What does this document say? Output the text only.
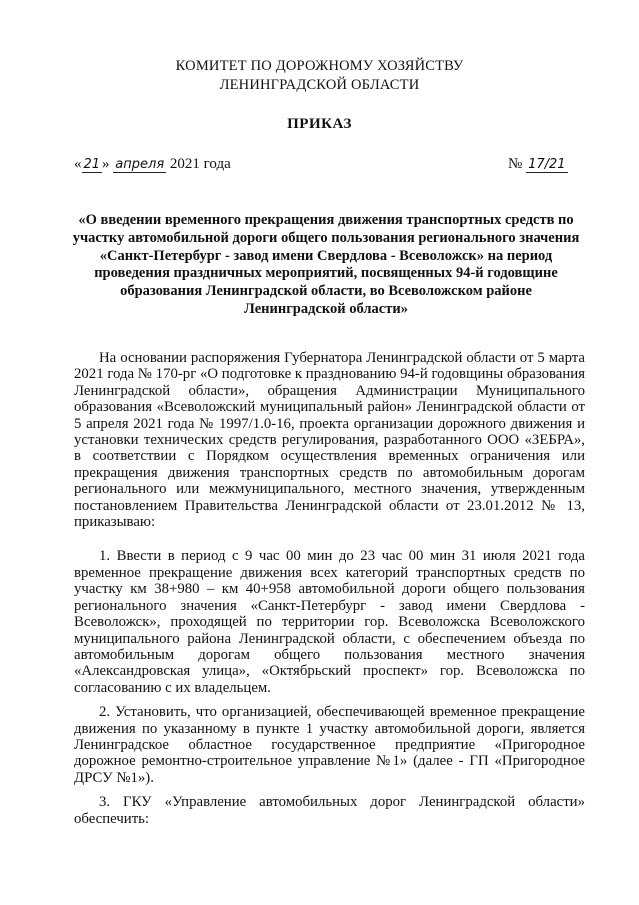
КОМИТЕТ ПО ДОРОЖНОМУ ХОЗЯЙСТВУ
ЛЕНИНГРАДСКОЙ ОБЛАСТИ
ПРИКАЗ
« 21 » апреля 2021 года	№ 17/21
«О введении временного прекращения движения транспортных средств по участку автомобильной дороги общего пользования регионального значения «Санкт-Петербург - завод имени Свердлова - Всеволожск» на период проведения праздничных мероприятий, посвященных 94-й годовщине образования Ленинградской области, во Всеволожском районе Ленинградской области»

На основании распоряжения Губернатора Ленинградской области от 5 марта 2021 года № 170-рг «О подготовке к празднованию 94-й годовщины образования Ленинградской области», обращения Администрации Муниципального образования «Всеволожский муниципальный район» Ленинградской области от 5 апреля 2021 года № 1997/1.0-16, проекта организации дорожного движения и установки технических средств регулирования, разработанного ООО «ЗЕБРА», в соответствии с Порядком осуществления временных ограничения или прекращения движения транспортных средств по автомобильным дорогам регионального или межмуниципального, местного значения, утвержденным постановлением Правительства Ленинградской области от 23.01.2012 № 13, приказываю:

1. Ввести в период с 9 час 00 мин до 23 час 00 мин 31 июля 2021 года временное прекращение движения всех категорий транспортных средств по участку км 38+980 – км 40+958 автомобильной дороги общего пользования регионального значения «Санкт-Петербург - завод имени Свердлова - Всеволожск», проходящей по территории гор. Всеволожска Всеволожского муниципального района Ленинградской области, с обеспечением объезда по автомобильным дорогам общего пользования местного значения «Александровская улица», «Октябрьский проспект» гор. Всеволожска по согласованию с их владельцем.

2. Установить, что организацией, обеспечивающей временное прекращение движения по указанному в пункте 1 участку автомобильной дороги, является Ленинградское областное государственное предприятие «Пригородное дорожное ремонтно-строительное управление №1» (далее - ГП «Пригородное ДРСУ №1»).

3. ГКУ «Управление автомобильных дорог Ленинградской области» обеспечить:
